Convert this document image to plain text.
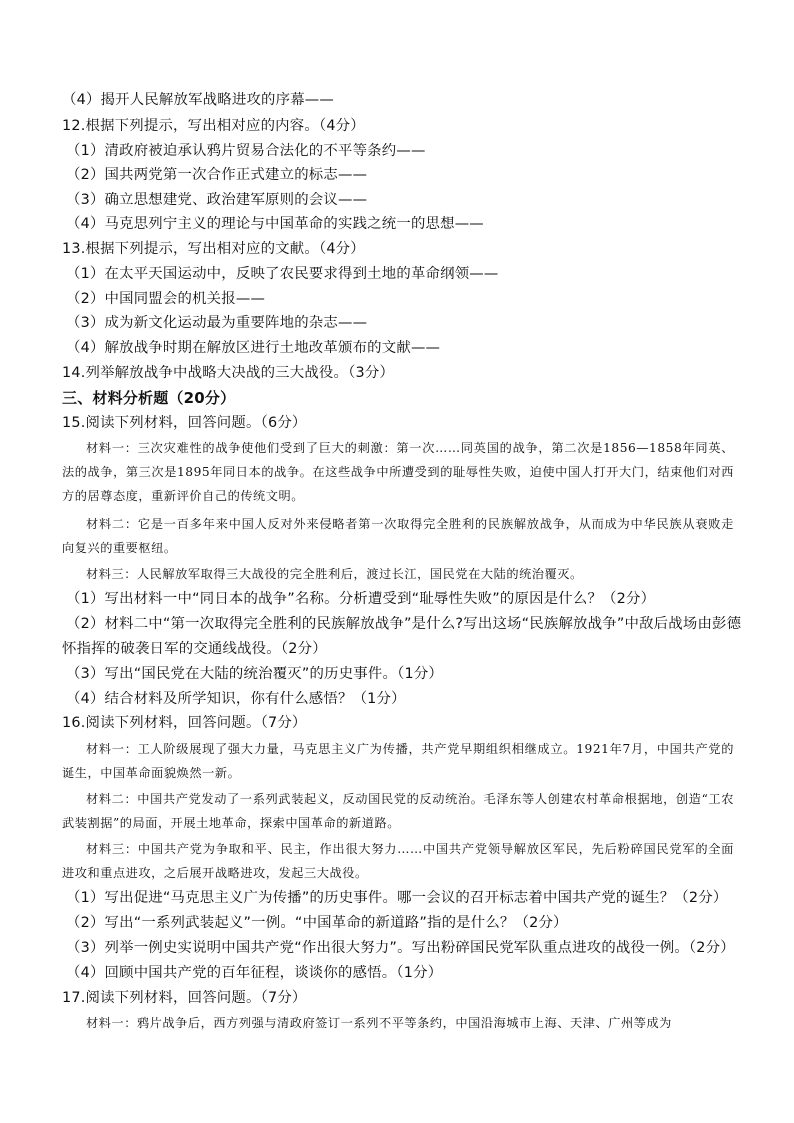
（4）揭开人民解放军战略进攻的序幕——
12.根据下列提示，写出相对应的内容。（4分）
（1）清政府被迫承认鸦片贸易合法化的不平等条约——
（2）国共两党第一次合作正式建立的标志——
（3）确立思想建党、政治建军原则的会议——
（4）马克思列宁主义的理论与中国革命的实践之统一的思想——
13.根据下列提示，写出相对应的文献。（4分）
（1）在太平天国运动中，反映了农民要求得到土地的革命纲领——
（2）中国同盟会的机关报——
（3）成为新文化运动最为重要阵地的杂志——
（4）解放战争时期在解放区进行土地改革颁布的文献——
14.列举解放战争中战略大决战的三大战役。（3分）
三、材料分析题（20分）
15.阅读下列材料，回答问题。（6分）
材料一：三次灾难性的战争使他们受到了巨大的刺激：第一次……同英国的战争，第二次是1856—1858年同英、法的战争，第三次是1895年同日本的战争。在这些战争中所遭受到的耻辱性失败，迫使中国人打开大门，结束他们对西方的居尊态度，重新评价自己的传统文明。
材料二：它是一百多年来中国人反对外来侵略者第一次取得完全胜利的民族解放战争，从而成为中华民族从衰败走向复兴的重要枢纽。
材料三：人民解放军取得三大战役的完全胜利后，渡过长江，国民党在大陆的统治覆灭。
（1）写出材料一中“同日本的战争”名称。分析遭受到“耻辱性失败”的原因是什么？（2分）
（2）材料二中“第一次取得完全胜利的民族解放战争”是什么?写出这场“民族解放战争”中敌后战场由彭德
怀指挥的破袭日军的交通线战役。（2分）
（3）写出“国民党在大陆的统治覆灭”的历史事件。（1分）
（4）结合材料及所学知识，你有什么感悟？（1分）
16.阅读下列材料，回答问题。（7分）
材料一：工人阶级展现了强大力量，马克思主义广为传播，共产党早期组织相继成立。1921年7月，中国共产党的诞生，中国革命面貌焕然一新。
材料二：中国共产党发动了一系列武装起义，反动国民党的反动统治。毛泽东等人创建农村革命根据地，创造“工农武装割据”的局面，开展土地革命，探索中国革命的新道路。
材料三：中国共产党为争取和平、民主，作出很大努力……中国共产党领导解放区军民，先后粉碎国民党军的全面进攻和重点进攻，之后展开战略进攻，发起三大战役。
（1）写出促进“马克思主义广为传播”的历史事件。哪一会议的召开标志着中国共产党的诞生？（2分）
（2）写出“一系列武装起义”一例。“中国革命的新道路”指的是什么？（2分）
（3）列举一例史实说明中国共产党“作出很大努力”。写出粉碎国民党军队重点进攻的战役一例。（2分）
（4）回顾中国共产党的百年征程，谈谈你的感悟。（1分）
17.阅读下列材料，回答问题。（7分）
材料一：鸦片战争后，西方列强与清政府签订一系列不平等条约，中国沿海城市上海、天津、广州等成为
